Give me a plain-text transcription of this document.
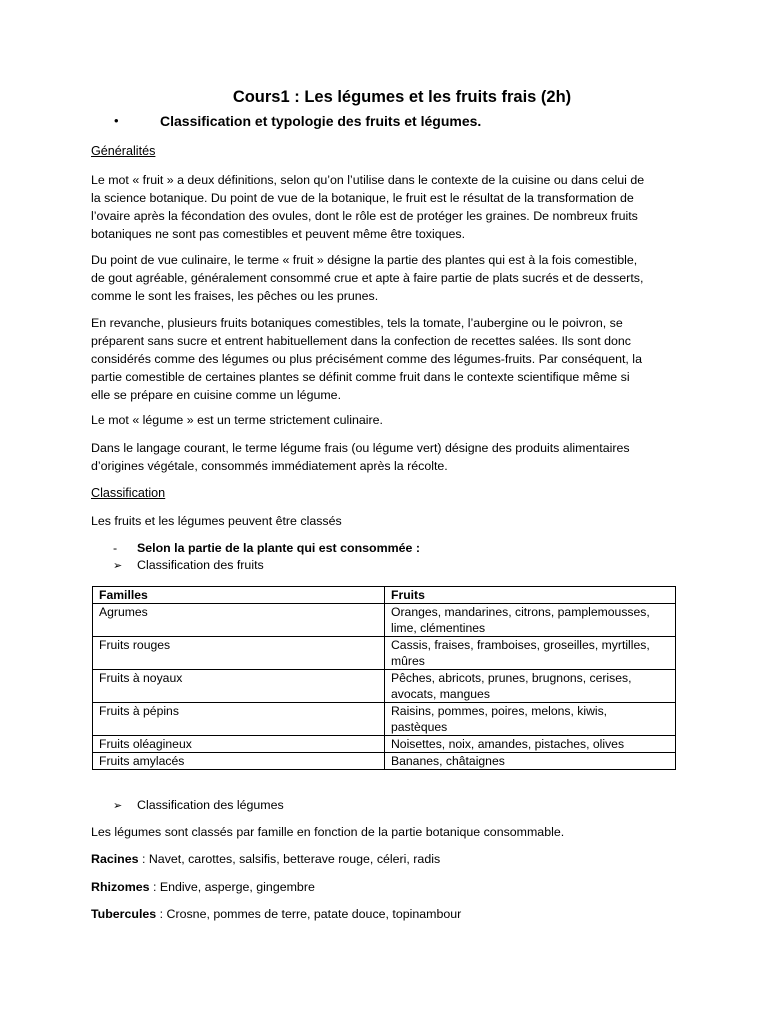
Cours1 : Les légumes et les fruits frais (2h)
•	Classification et typologie des fruits et légumes.
Généralités
Le mot « fruit » a deux définitions, selon qu’on l’utilise dans le contexte de la cuisine ou dans celui de
la science botanique. Du point de vue de la botanique, le fruit est le résultat de la transformation de
l’ovaire après la fécondation des ovules, dont le rôle est de protéger les graines. De nombreux fruits
botaniques ne sont pas comestibles et peuvent même être toxiques.
Du point de vue culinaire, le terme « fruit » désigne la partie des plantes qui est à la fois comestible,
de gout agréable, généralement consommé crue et apte à faire partie de plats sucrés et de desserts,
comme le sont les fraises, les pêches ou les prunes.
En revanche, plusieurs fruits botaniques comestibles, tels la tomate, l’aubergine ou le poivron, se
préparent sans sucre et entrent habituellement dans la confection de recettes salées. Ils sont donc
considérés comme des légumes ou plus précisément comme des légumes-fruits. Par conséquent, la
partie comestible de certaines plantes se définit comme fruit dans le contexte scientifique même si
elle se prépare en cuisine comme un légume.
Le mot « légume » est un terme strictement culinaire.
Dans le langage courant, le terme légume frais (ou légume vert) désigne des produits alimentaires
d’origines végétale, consommés immédiatement après la récolte.
Classification
Les fruits et les légumes peuvent être classés
- Selon la partie de la plante qui est consommée :
➢ Classification des fruits
Familles	Fruits
Agrumes	Oranges, mandarines, citrons, pamplemousses,
lime, clémentines

Fruits rouges	Cassis, fraises, framboises, groseilles, myrtilles,
mûres

Fruits à noyaux	Pêches, abricots, prunes, brugnons, cerises,
avocats, mangues

Fruits à pépins	Raisins, pommes, poires, melons, kiwis,
pastèques

Fruits oléagineux	Noisettes, noix, amandes, pistaches, olives

Fruits amylacés	Bananes, châtaignes
➢ Classification des légumes
Les légumes sont classés par famille en fonction de la partie botanique consommable.
Racines : Navet, carottes, salsifis, betterave rouge, céleri, radis
Rhizomes : Endive, asperge, gingembre
Tubercules : Crosne, pommes de terre, patate douce, topinambour
